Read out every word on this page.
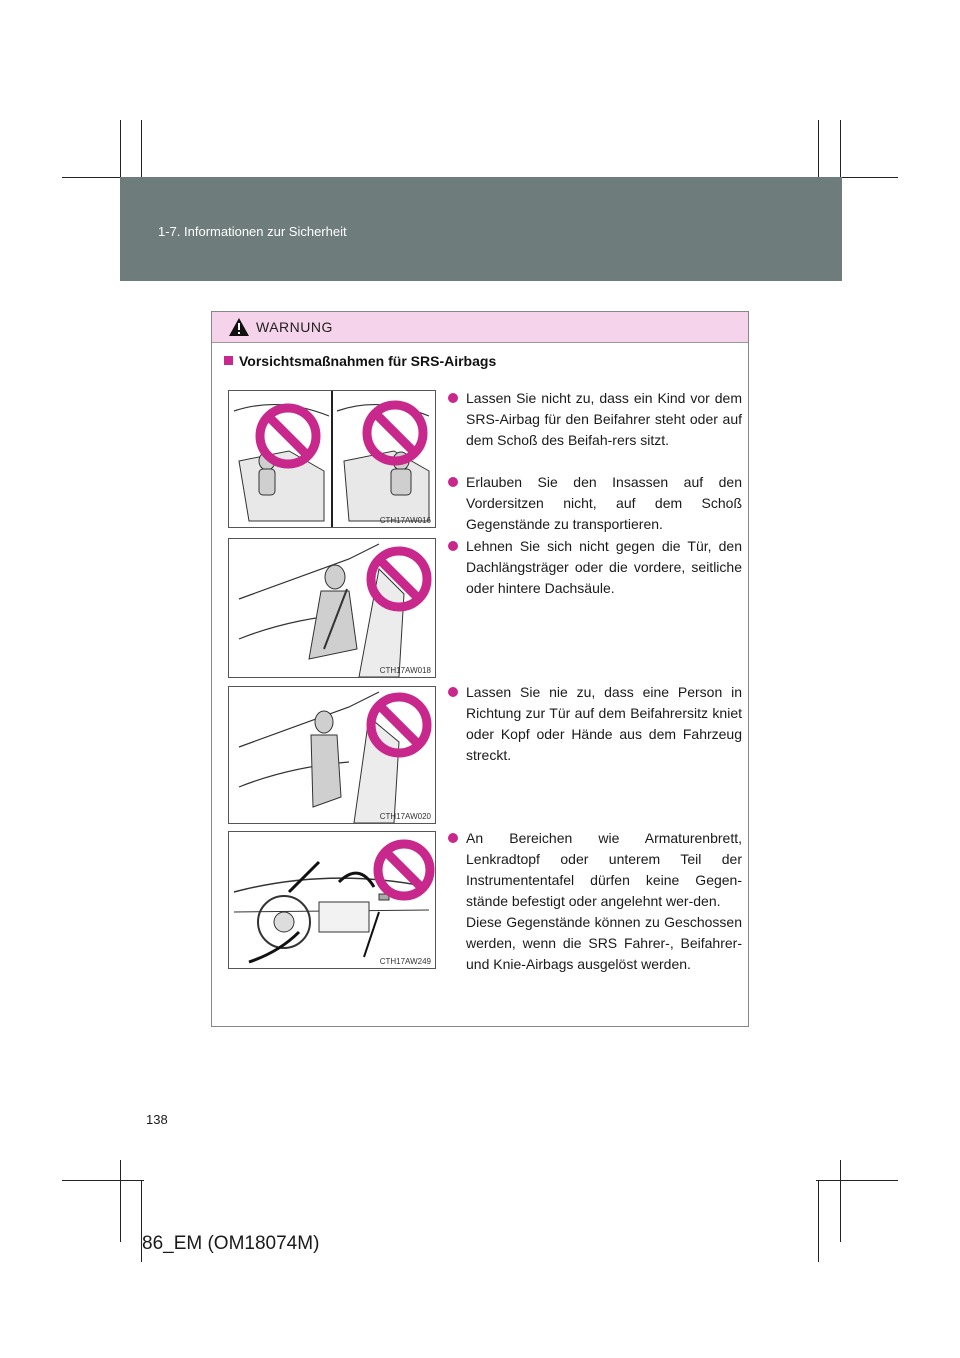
1-7. Informationen zur Sicherheit
WARNUNG
Vorsichtsmaßnahmen für SRS-Airbags
CTH17AW016
CTH17AW018
CTH17AW020
CTH17AW249
Lassen Sie nicht zu, dass ein Kind vor dem SRS-Airbag für den Beifahrer steht oder auf dem Schoß des Beifah-rers sitzt.
Erlauben Sie den Insassen auf den Vordersitzen nicht, auf dem Schoß Gegenstände zu transportieren.
Lehnen Sie sich nicht gegen die Tür, den Dachlängsträger oder die vordere, seitliche oder hintere Dachsäule.
Lassen Sie nie zu, dass eine Person in Richtung zur Tür auf dem Beifahrersitz kniet oder Kopf oder Hände aus dem Fahrzeug streckt.
An Bereichen wie Armaturenbrett, Lenkradtopf oder unterem Teil der Instrumententafel dürfen keine Gegen-stände befestigt oder angelehnt wer-den.
Diese Gegenstände können zu Geschossen werden, wenn die SRS Fahrer-, Beifahrer- und Knie-Airbags ausgelöst werden.
138
86_EM (OM18074M)
